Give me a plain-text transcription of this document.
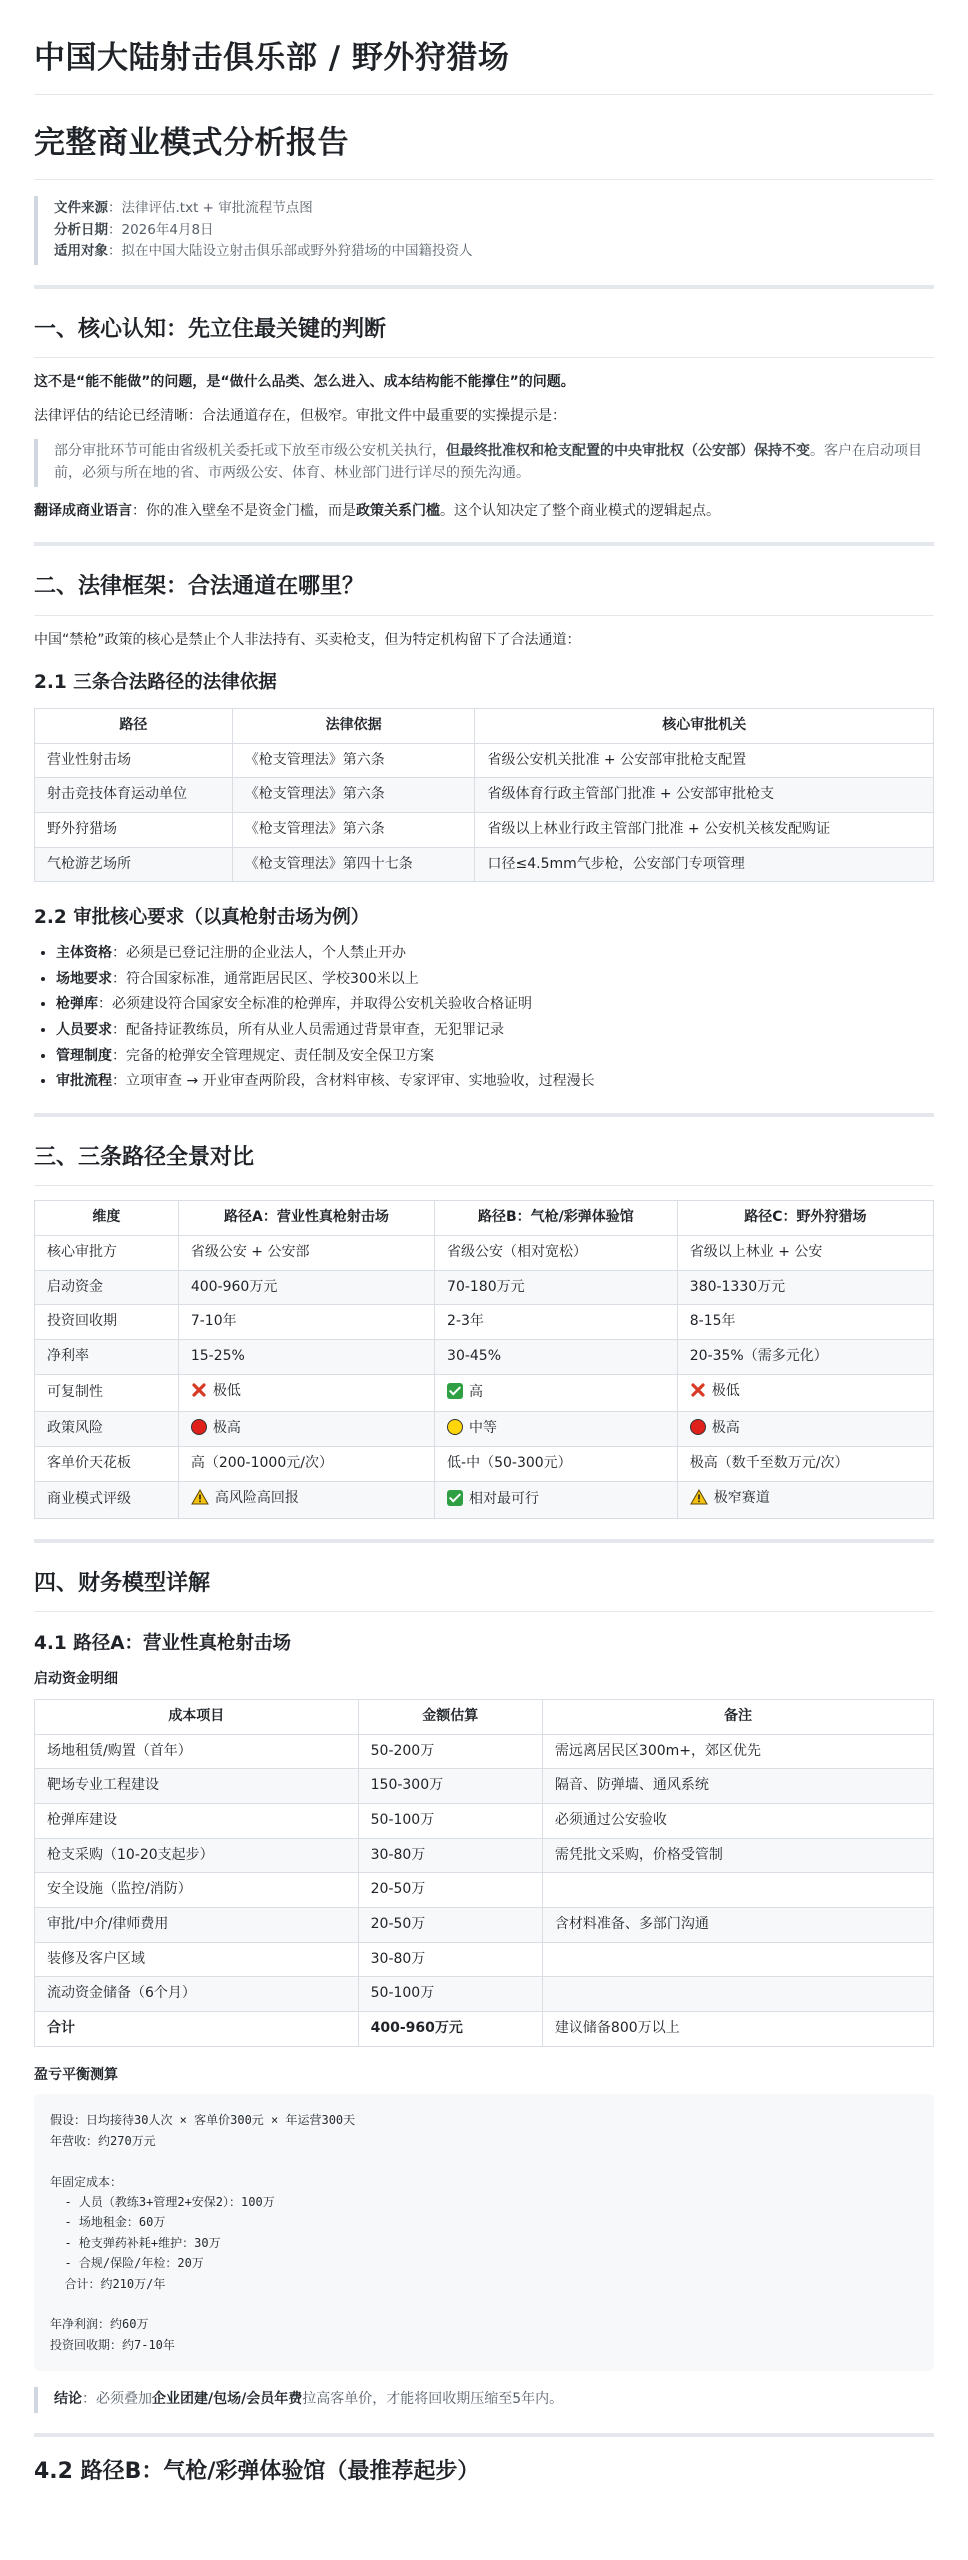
中国大陆射击俱乐部 / 野外狩猎场
完整商业模式分析报告
文件来源：法律评估.txt + 审批流程节点图
分析日期：2026年4月8日
适用对象：拟在中国大陆设立射击俱乐部或野外狩猎场的中国籍投资人
一、核心认知：先立住最关键的判断

这不是“能不能做”的问题，是“做什么品类、怎么进入、成本结构能不能撑住”的问题。

法律评估的结论已经清晰：合法通道存在，但极窄。审批文件中最重要的实操提示是：

部分审批环节可能由省级机关委托或下放至市级公安机关执行，但最终批准权和枪支配置的中央审批权（公安部）保持不变。客户在启动项目前，必须与所在地的省、市两级公安、体育、林业部门进行详尽的预先沟通。

翻译成商业语言：你的准入壁垒不是资金门槛，而是政策关系门槛。这个认知决定了整个商业模式的逻辑起点。

二、法律框架：合法通道在哪里？

中国“禁枪”政策的核心是禁止个人非法持有、买卖枪支，但为特定机构留下了合法通道：

2.1 三条合法路径的法律依据
路径	法律依据	核心审批机关
营业性射击场	《枪支管理法》第六条	省级公安机关批准 + 公安部审批枪支配置
射击竞技体育运动单位	《枪支管理法》第六条	省级体育行政主管部门批准 + 公安部审批枪支
野外狩猎场	《枪支管理法》第六条	省级以上林业行政主管部门批准 + 公安机关核发配购证
气枪游艺场所	《枪支管理法》第四十七条	口径≤4.5mm气步枪，公安部门专项管理
2.2 审批核心要求（以真枪射击场为例）
• 主体资格：必须是已登记注册的企业法人，个人禁止开办
• 场地要求：符合国家标准，通常距居民区、学校300米以上
• 枪弹库：必须建设符合国家安全标准的枪弹库，并取得公安机关验收合格证明
• 人员要求：配备持证教练员，所有从业人员需通过背景审查，无犯罪记录
• 管理制度：完备的枪弹安全管理规定、责任制及安全保卫方案
• 审批流程：立项审查 → 开业审查两阶段，含材料审核、专家评审、实地验收，过程漫长
三、三条路径全景对比
维度	路径A：营业性真枪射击场	路径B：气枪/彩弹体验馆	路径C：野外狩猎场
核心审批方	省级公安 + 公安部	省级公安（相对宽松）	省级以上林业 + 公安
启动资金	400-960万元	70-180万元	380-1330万元
投资回收期	7-10年	2-3年	8-15年
净利率	15-25%	30-45%	20-35%（需多元化）
可复制性	极低	高	极低
政策风险	极高	中等	极高
客单价天花板	高（200-1000元/次）	低-中（50-300元）	极高（数千至数万元/次）
商业模式评级	高风险高回报	相对最可行	极窄赛道
四、财务模型详解
4.1 路径A：营业性真枪射击场
启动资金明细
成本项目	金额估算	备注
场地租赁/购置（首年）	50-200万	需远离居民区300m+，郊区优先
靶场专业工程建设	150-300万	隔音、防弹墙、通风系统
枪弹库建设	50-100万	必须通过公安验收
枪支采购（10-20支起步）	30-80万	需凭批文采购，价格受管制
安全设施（监控/消防）	20-50万	
审批/中介/律师费用	20-50万	含材料准备、多部门沟通
装修及客户区域	30-80万	
流动资金储备（6个月）	50-100万	
合计	400-960万元	建议储备800万以上
盈亏平衡测算
假设：日均接待30人次 × 客单价300元 × 年运营300天
年营收：约270万元

年固定成本：
- 人员（教练3+管理2+安保2）：100万
- 场地租金：60万
- 枪支弹药补耗+维护：30万
- 合规/保险/年检：20万
合计：约210万/年

年净利润：约60万
投资回收期：约7-10年
结论：必须叠加企业团建/包场/会员年费拉高客单价，才能将回收期压缩至5年内。
4.2 路径B：气枪/彩弹体验馆（最推荐起步）
